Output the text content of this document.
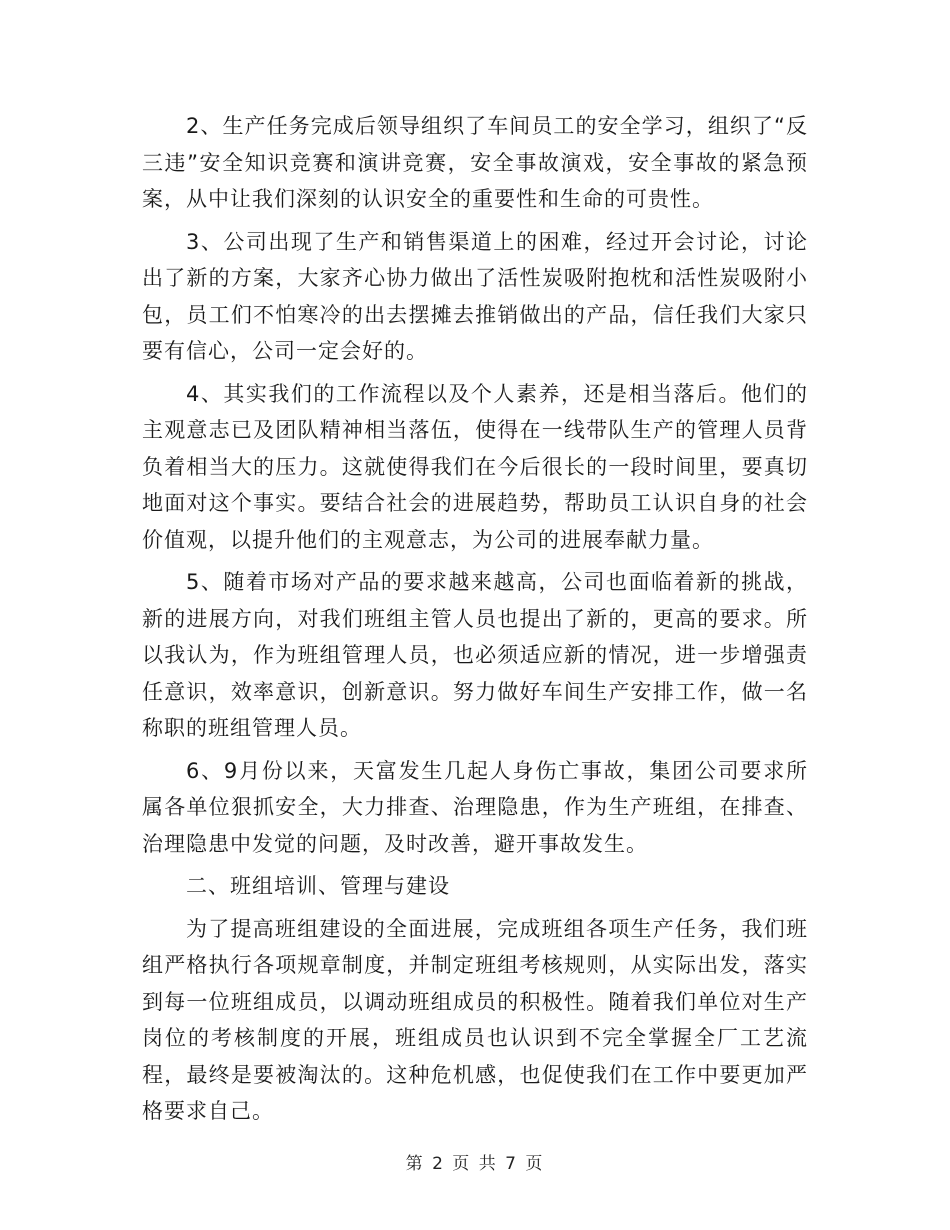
2、生产任务完成后领导组织了车间员工的安全学习，组织了“反三违”安全知识竞赛和演讲竞赛，安全事故演戏，安全事故的紧急预案，从中让我们深刻的认识安全的重要性和生命的可贵性。

3、公司出现了生产和销售渠道上的困难，经过开会讨论，讨论出了新的方案，大家齐心协力做出了活性炭吸附抱枕和活性炭吸附小包，员工们不怕寒冷的出去摆摊去推销做出的产品，信任我们大家只要有信心，公司一定会好的。

4、其实我们的工作流程以及个人素养，还是相当落后。他们的主观意志已及团队精神相当落伍，使得在一线带队生产的管理人员背负着相当大的压力。这就使得我们在今后很长的一段时间里，要真切地面对这个事实。要结合社会的进展趋势，帮助员工认识自身的社会价值观，以提升他们的主观意志，为公司的进展奉献力量。

5、随着市场对产品的要求越来越高，公司也面临着新的挑战，新的进展方向，对我们班组主管人员也提出了新的，更高的要求。所以我认为，作为班组管理人员，也必须适应新的情况，进一步增强责任意识，效率意识，创新意识。努力做好车间生产安排工作，做一名称职的班组管理人员。

6、9月份以来，天富发生几起人身伤亡事故，集团公司要求所属各单位狠抓安全，大力排查、治理隐患，作为生产班组，在排查、治理隐患中发觉的问题，及时改善，避开事故发生。

二、班组培训、管理与建设

为了提高班组建设的全面进展，完成班组各项生产任务，我们班组严格执行各项规章制度，并制定班组考核规则，从实际出发，落实到每一位班组成员，以调动班组成员的积极性。随着我们单位对生产岗位的考核制度的开展，班组成员也认识到不完全掌握全厂工艺流程，最终是要被淘汰的。这种危机感，也促使我们在工作中要更加严格要求自己。

第 2 页 共 7 页
